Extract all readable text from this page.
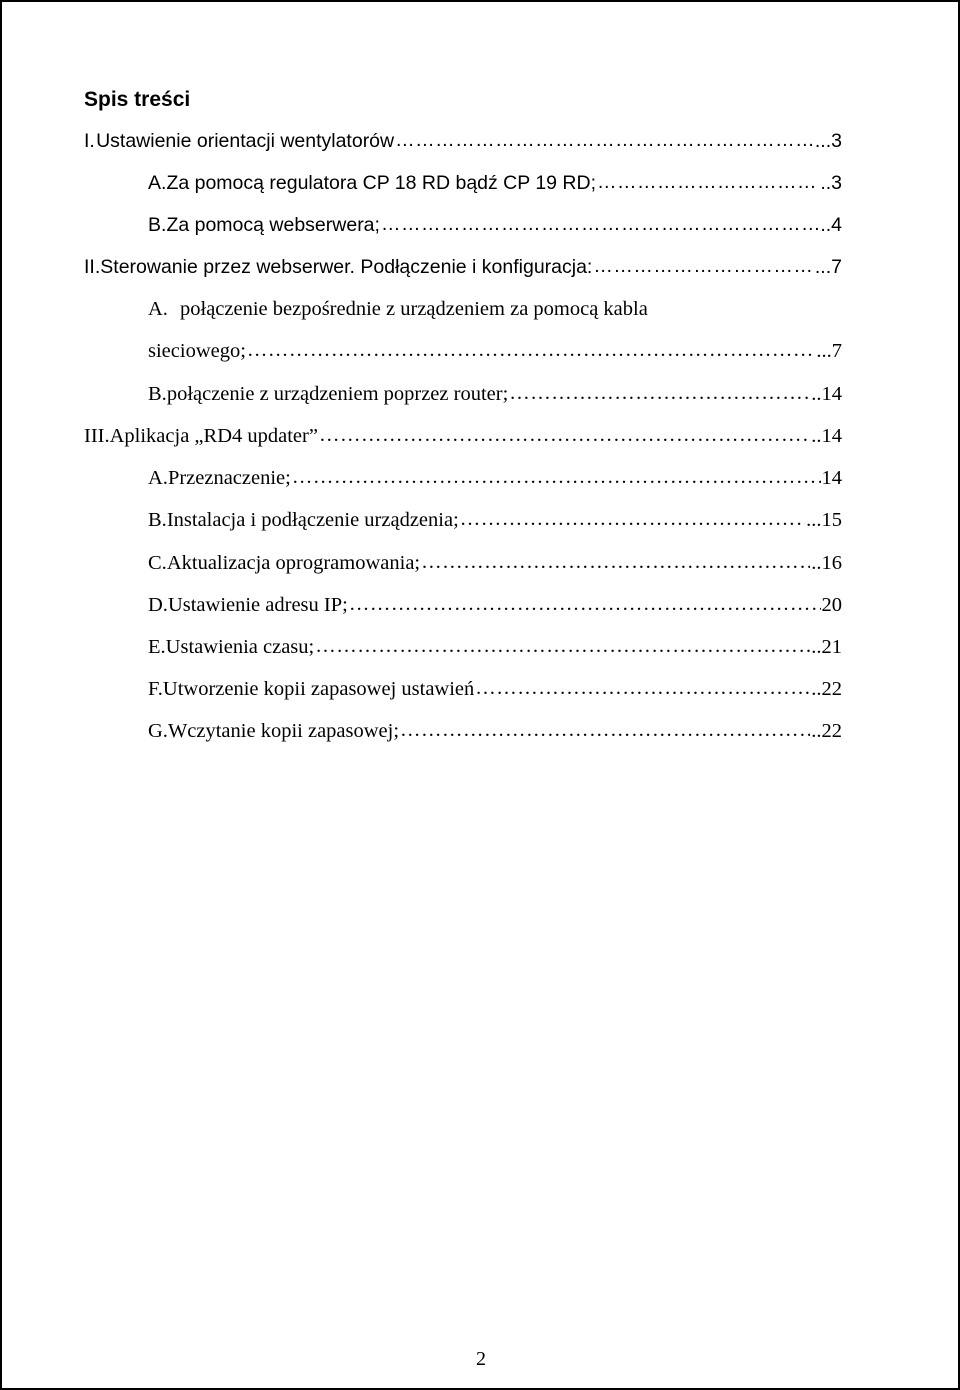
Spis treści
I. Ustawienie orientacji wentylatorów ……………………………………………………………………………………………………………………………………………………………	...3
A. Za pomocą regulatora CP 18 RD bądź CP 19 RD; ……………………………………………………………………………………………………………………………………………………………	..3
B. Za pomocą webserwera; ……………………………………………………………………………………………………………………………………………………………	..4
II. Sterowanie przez webserwer. Podłączenie i konfiguracja: ……………………………………………………………………………………………………………………………………………………………	...7
A. połączenie bezpośrednie z urządzeniem za pomocą kabla
sieciowego; ……………………………………………………………………………………………………………………………………………………………	...7
B. połączenie z urządzeniem poprzez router; ……………………………………………………………………………………………………………………………………………………………	..14
III. Aplikacja „RD4 updater” ……………………………………………………………………………………………………………………………………………………………	..14
A. Przeznaczenie; ……………………………………………………………………………………………………………………………………………………………	14
B. Instalacja i podłączenie urządzenia; ……………………………………………………………………………………………………………………………………………………………	...15
C. Aktualizacja oprogramowania; ……………………………………………………………………………………………………………………………………………………………	..16
D. Ustawienie adresu IP; ……………………………………………………………………………………………………………………………………………………………	20
E. Ustawienia czasu; ……………………………………………………………………………………………………………………………………………………………	..21
F. Utworzenie kopii zapasowej ustawień ……………………………………………………………………………………………………………………………………………………………	..22
G. Wczytanie kopii zapasowej; ……………………………………………………………………………………………………………………………………………………………	..22
2
